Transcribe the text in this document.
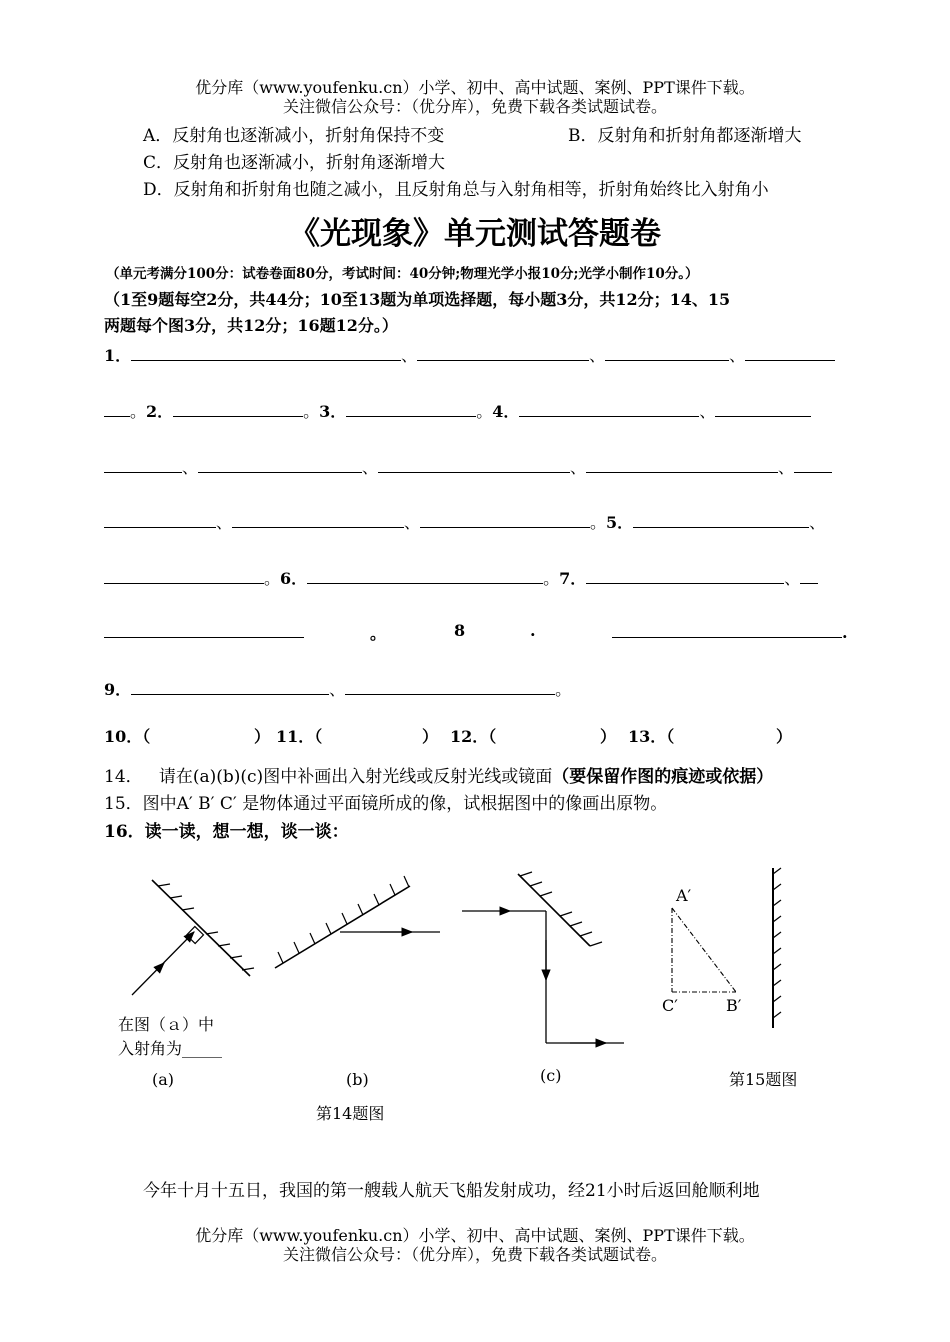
优分库（www.youfenku.cn）小学、初中、高中试题、案例、PPT课件下载。
关注微信公众号：（优分库），免费下载各类试题试卷。
A．反射角也逐渐减小，折射角保持不变	B．反射角和折射角都逐渐增大
C．反射角也逐渐减小，折射角逐渐增大
D．反射角和折射角也随之减小，且反射角总与入射角相等，折射角始终比入射角小
《光现象》单元测试答题卷
（单元考满分100分：试卷卷面80分，考试时间：40分钟;物理光学小报10分;光学小制作10分。）
（1至9题每空2分，共44分；10至13题为单项选择题，每小题3分，共12分；14、15
两题每个图3分，共12分；16题12分。）
1．	、	、	、
。2．	。3．	。4．	、
、	、	、	、
、	、	。5．	、
。6．	。7．	、
。	8	.	.
9．	、	。
10．（	） 11．（	） 12．（	） 13．（	）
14． 请在(a)(b)(c)图中补画出入射光线或反射光线或镜面（要保留作图的痕迹或依据）
15．图中A′ B′ C′ 是物体通过平面镜所成的像，试根据图中的像画出原物。
16．读一读，想一想，谈一谈：
在图（ａ）中
入射角为_____
(a)	(b)	(c)	第15题图
第14题图
A′
C′	B′
今年十月十五日，我国的第一艘载人航天飞船发射成功，经21小时后返回舱顺利地
优分库（www.youfenku.cn）小学、初中、高中试题、案例、PPT课件下载。
关注微信公众号：（优分库），免费下载各类试题试卷。
